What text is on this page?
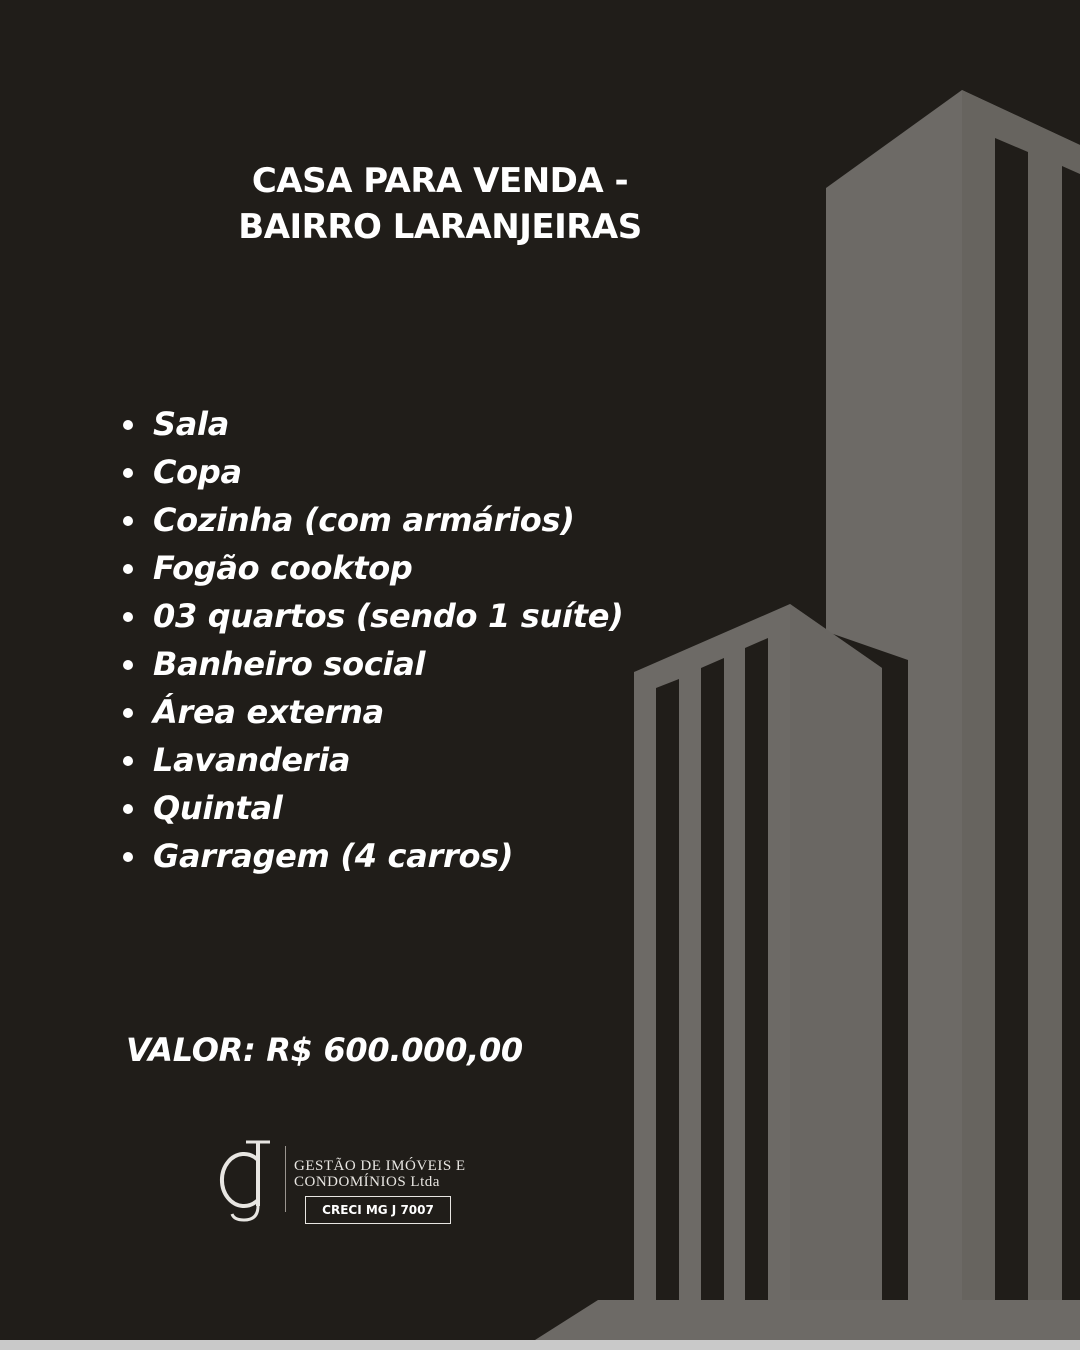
CASA PARA VENDA -
BAIRRO LARANJEIRAS
Sala
Copa
Cozinha (com armários)
Fogão cooktop
03 quartos (sendo 1 suíte)
Banheiro social
Área externa
Lavanderia
Quintal
Garragem (4 carros)
VALOR: R$ 600.000,00
GESTÃO DE IMÓVEIS E
CONDOMÍNIOS Ltda
CRECI MG J 7007
